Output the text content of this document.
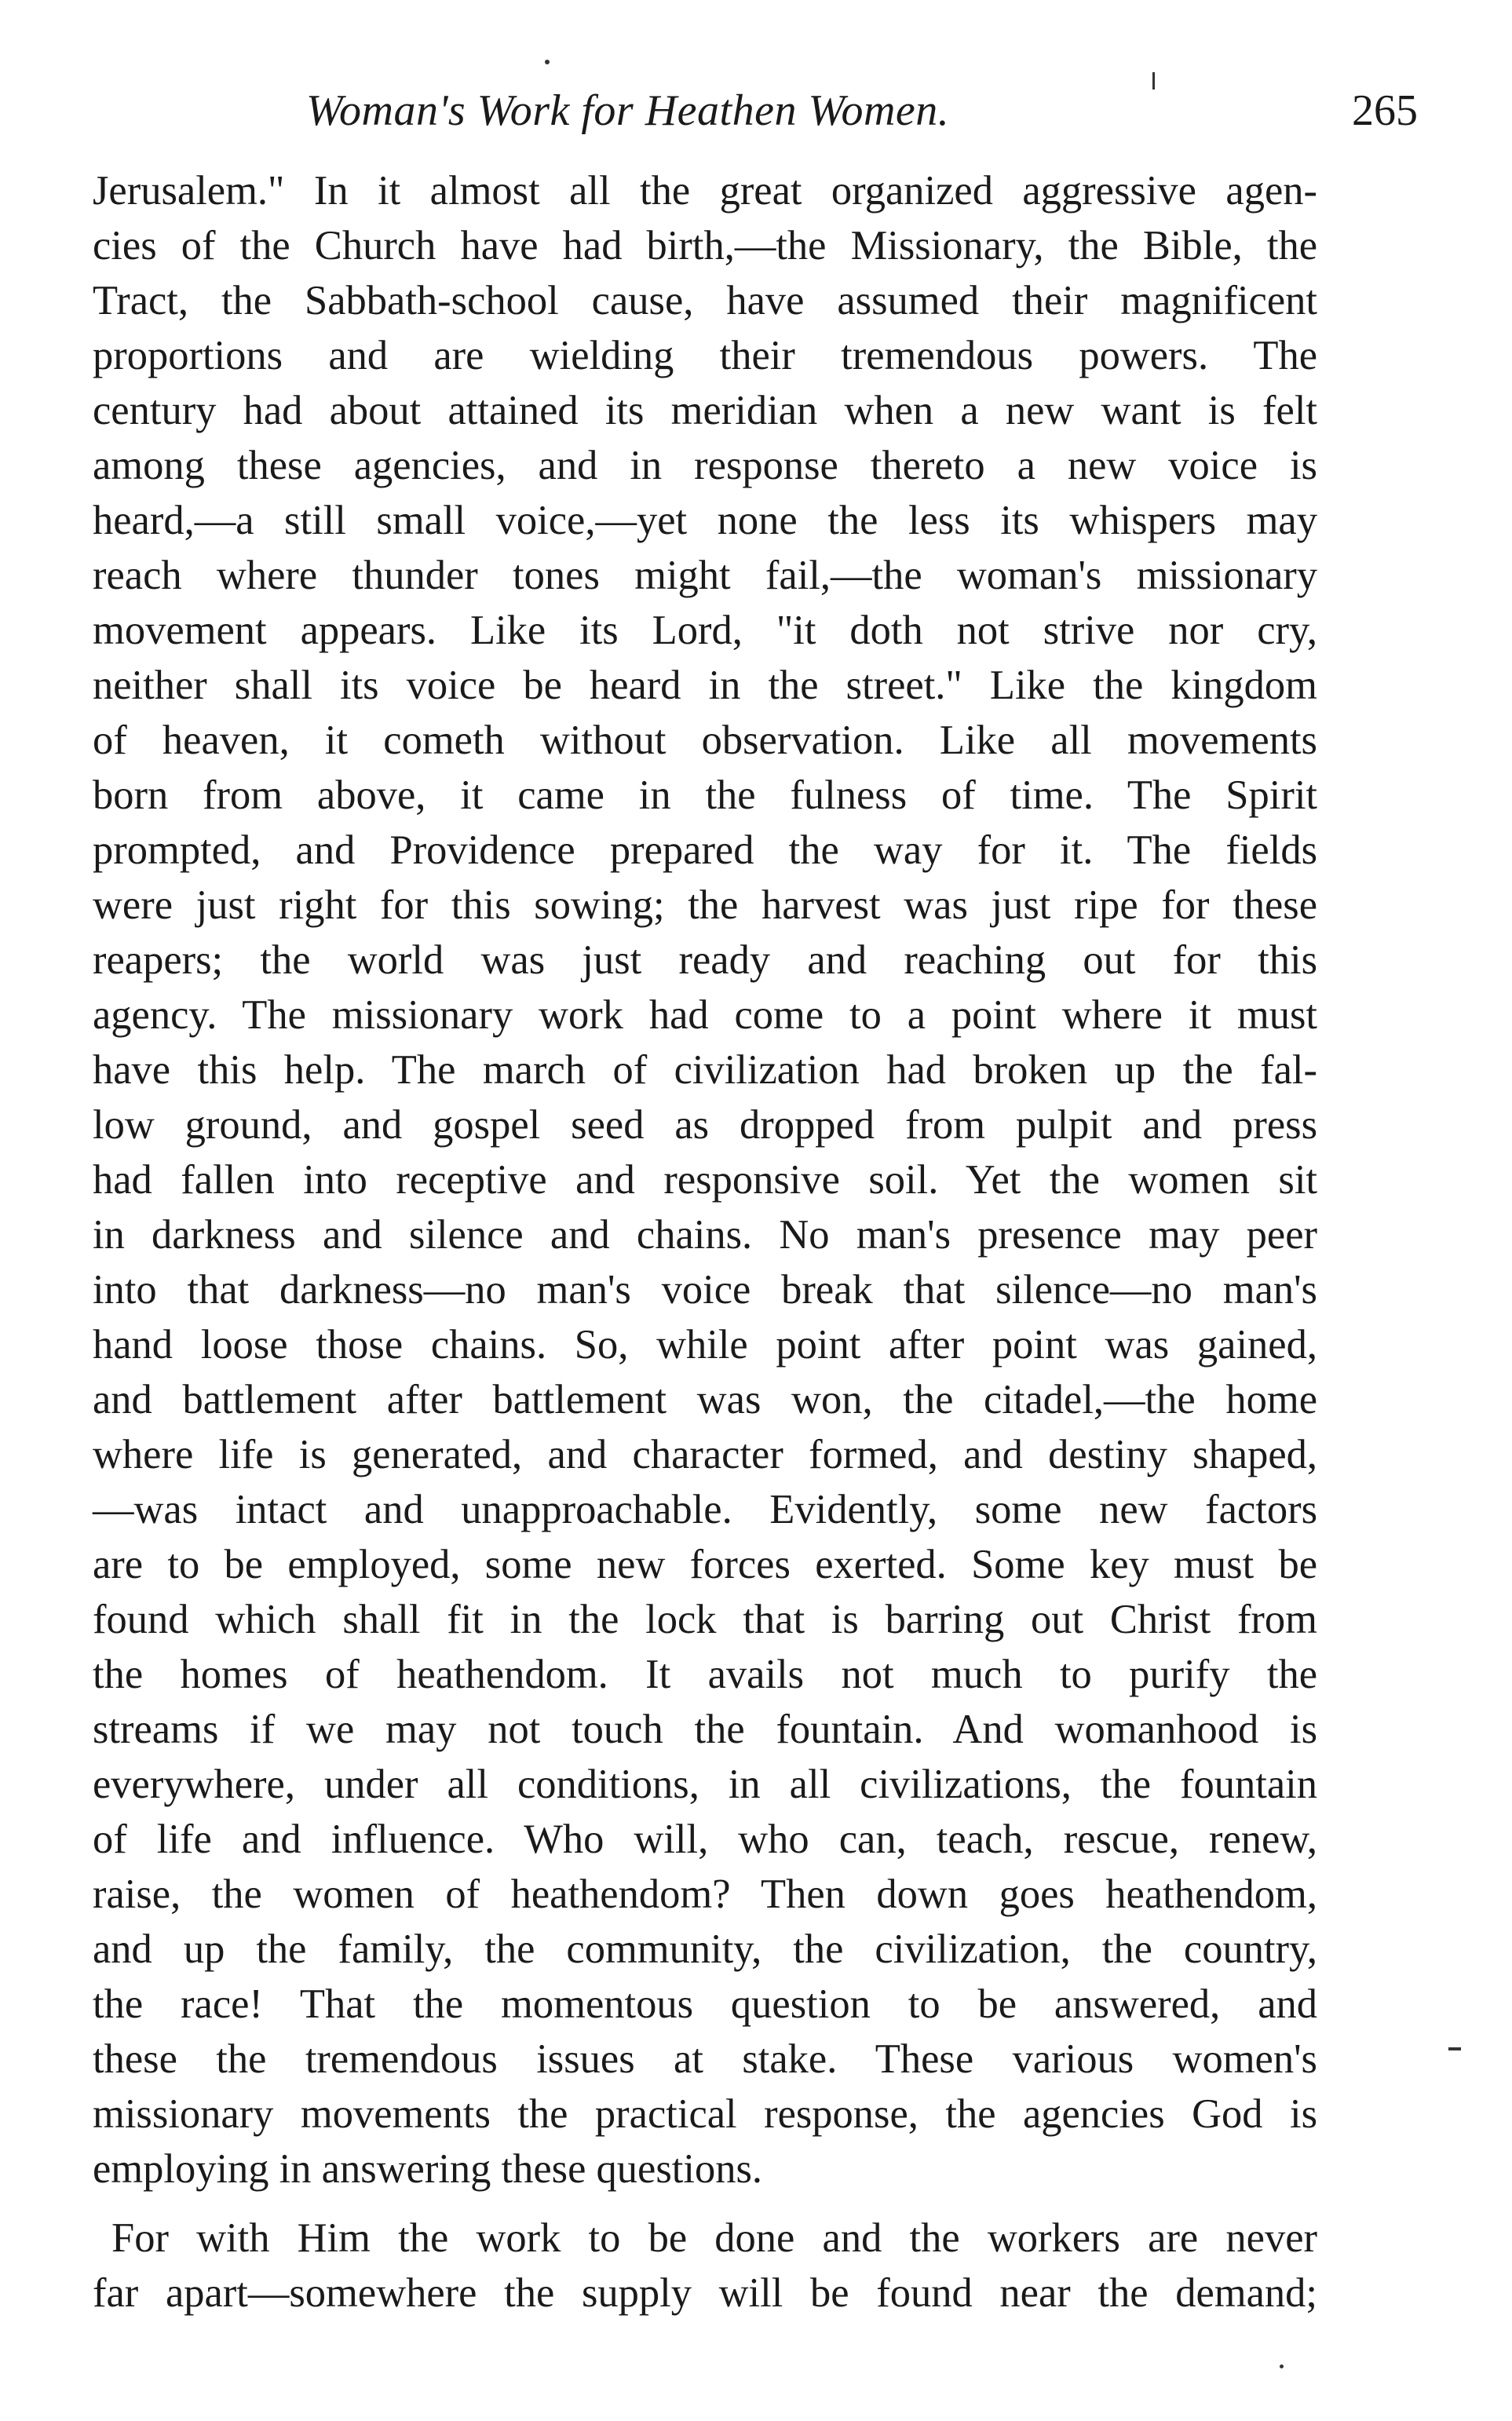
Woman's Work for Heathen Women.	265
Jerusalem." In it almost all the great organized aggressive agen-
cies of the Church have had birth,—the Missionary, the Bible, the
Tract, the Sabbath-school cause, have assumed their magnificent
proportions and are wielding their tremendous powers. The
century had about attained its meridian when a new want is felt
among these agencies, and in response thereto a new voice is
heard,—a still small voice,—yet none the less its whispers may
reach where thunder tones might fail,—the woman's missionary
movement appears. Like its Lord, "it doth not strive nor cry,
neither shall its voice be heard in the street." Like the kingdom
of heaven, it cometh without observation. Like all movements
born from above, it came in the fulness of time. The Spirit
prompted, and Providence prepared the way for it. The fields
were just right for this sowing; the harvest was just ripe for these
reapers; the world was just ready and reaching out for this
agency. The missionary work had come to a point where it must
have this help. The march of civilization had broken up the fal-
low ground, and gospel seed as dropped from pulpit and press
had fallen into receptive and responsive soil. Yet the women sit
in darkness and silence and chains. No man's presence may peer
into that darkness—no man's voice break that silence—no man's
hand loose those chains. So, while point after point was gained,
and battlement after battlement was won, the citadel,—the home
where life is generated, and character formed, and destiny shaped,
—was intact and unapproachable. Evidently, some new factors
are to be employed, some new forces exerted. Some key must be
found which shall fit in the lock that is barring out Christ from
the homes of heathendom. It avails not much to purify the
streams if we may not touch the fountain. And womanhood is
everywhere, under all conditions, in all civilizations, the fountain
of life and influence. Who will, who can, teach, rescue, renew,
raise, the women of heathendom? Then down goes heathendom,
and up the family, the community, the civilization, the country,
the race! That the momentous question to be answered, and
these the tremendous issues at stake. These various women's
missionary movements the practical response, the agencies God is
employing in answering these questions.
For with Him the work to be done and the workers are never
far apart—somewhere the supply will be found near the demand;
